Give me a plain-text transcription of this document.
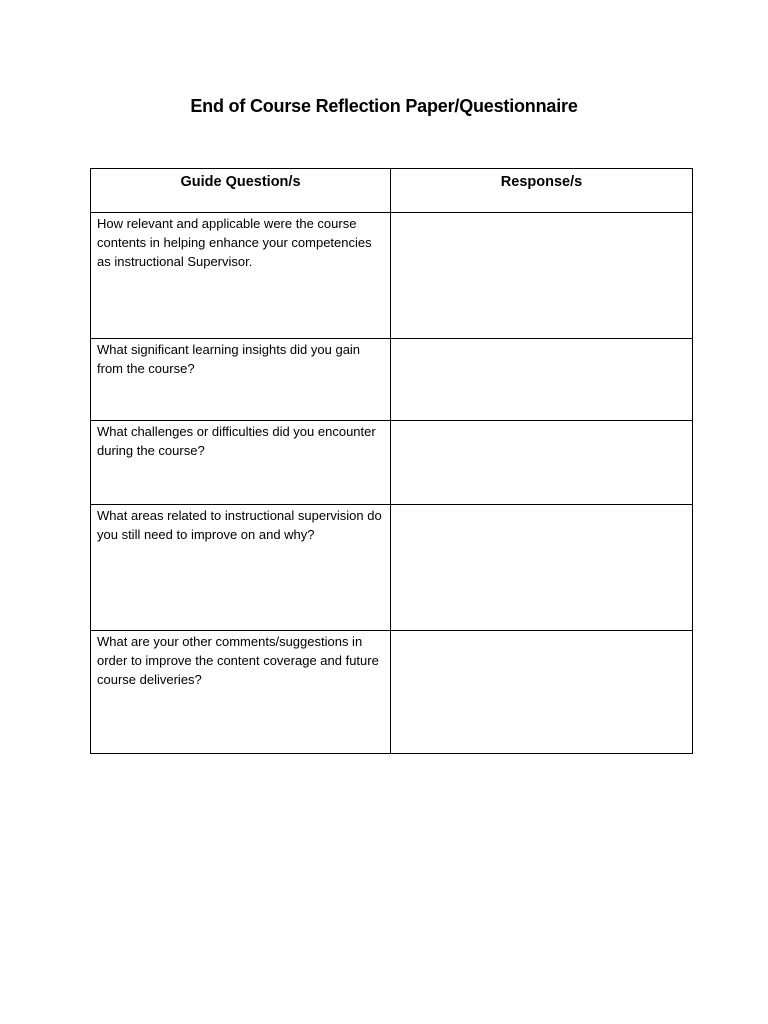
End of Course Reflection Paper/Questionnaire
Guide Question/s	Response/s
How relevant and applicable were the course contents in helping enhance your competencies as instructional Supervisor.	
What significant learning insights did you gain from the course?	
What challenges or difficulties did you encounter during the course?	
What areas related to instructional supervision do you still need to improve on and why?	
What are your other comments/suggestions in order to improve the content coverage and future course deliveries?	
